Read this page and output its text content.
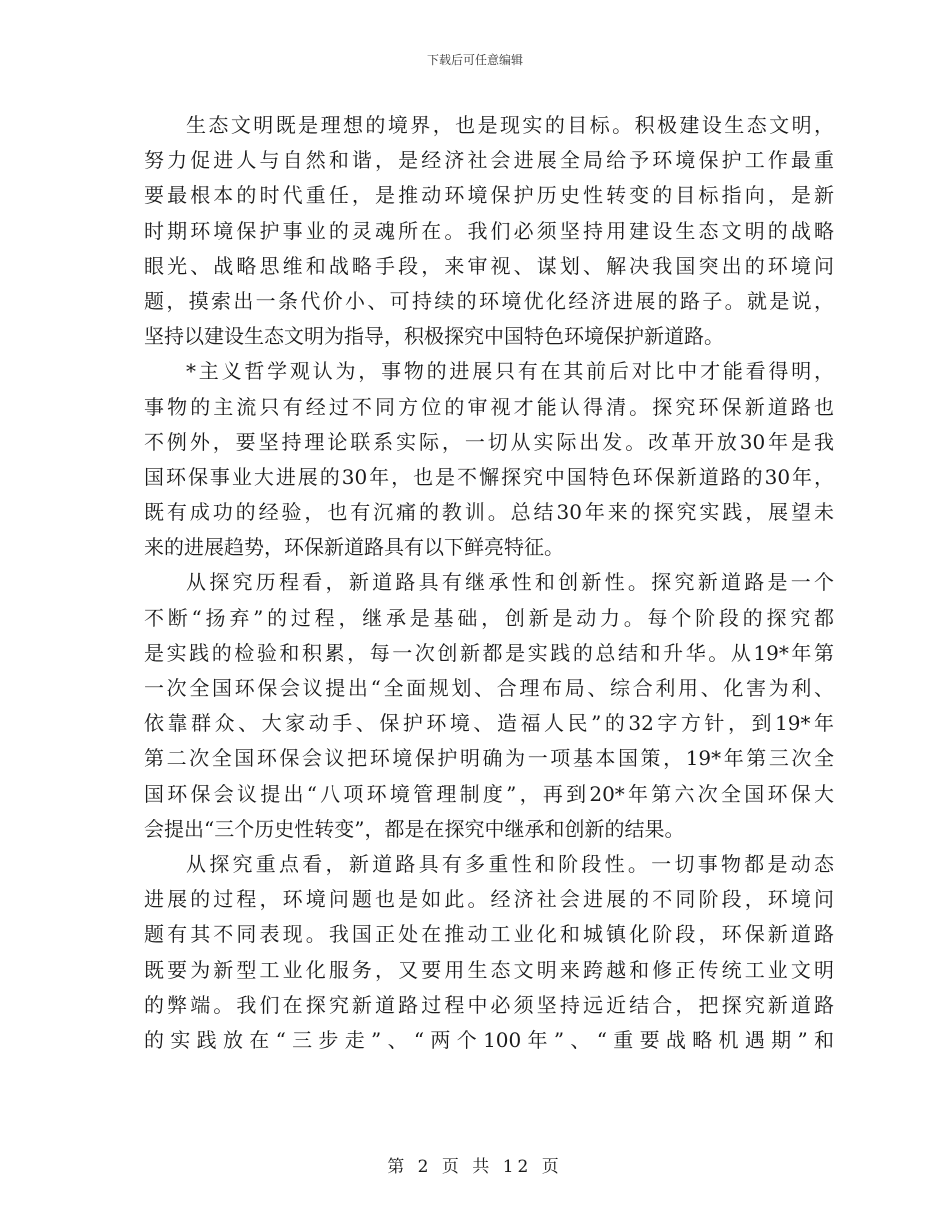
下载后可任意编辑
生态文明既是理想的境界，也是现实的目标。积极建设生态文明，
努力促进人与自然和谐，是经济社会进展全局给予环境保护工作最重
要最根本的时代重任，是推动环境保护历史性转变的目标指向，是新
时期环境保护事业的灵魂所在。我们必须坚持用建设生态文明的战略
眼光、战略思维和战略手段，来审视、谋划、解决我国突出的环境问
题，摸索出一条代价小、可持续的环境优化经济进展的路子。就是说，
坚持以建设生态文明为指导，积极探究中国特色环境保护新道路。
*主义哲学观认为，事物的进展只有在其前后对比中才能看得明，
事物的主流只有经过不同方位的审视才能认得清。探究环保新道路也
不例外，要坚持理论联系实际，一切从实际出发。改革开放30年是我
国环保事业大进展的30年，也是不懈探究中国特色环保新道路的30年，
既有成功的经验，也有沉痛的教训。总结30年来的探究实践，展望未
来的进展趋势，环保新道路具有以下鲜亮特征。
从探究历程看，新道路具有继承性和创新性。探究新道路是一个
不断“扬弃”的过程，继承是基础，创新是动力。每个阶段的探究都
是实践的检验和积累，每一次创新都是实践的总结和升华。从19*年第
一次全国环保会议提出“全面规划、合理布局、综合利用、化害为利、
依靠群众、大家动手、保护环境、造福人民”的32字方针，到19*年
第二次全国环保会议把环境保护明确为一项基本国策，19*年第三次全
国环保会议提出“八项环境管理制度”，再到20*年第六次全国环保大
会提出“三个历史性转变”，都是在探究中继承和创新的结果。
从探究重点看，新道路具有多重性和阶段性。一切事物都是动态
进展的过程，环境问题也是如此。经济社会进展的不同阶段，环境问
题有其不同表现。我国正处在推动工业化和城镇化阶段，环保新道路
既要为新型工业化服务，又要用生态文明来跨越和修正传统工业文明
的弊端。我们在探究新道路过程中必须坚持远近结合，把探究新道路
的实践放在“三步走”、“两个100年”、“重要战略机遇期”和
第 2 页 共 12 页
